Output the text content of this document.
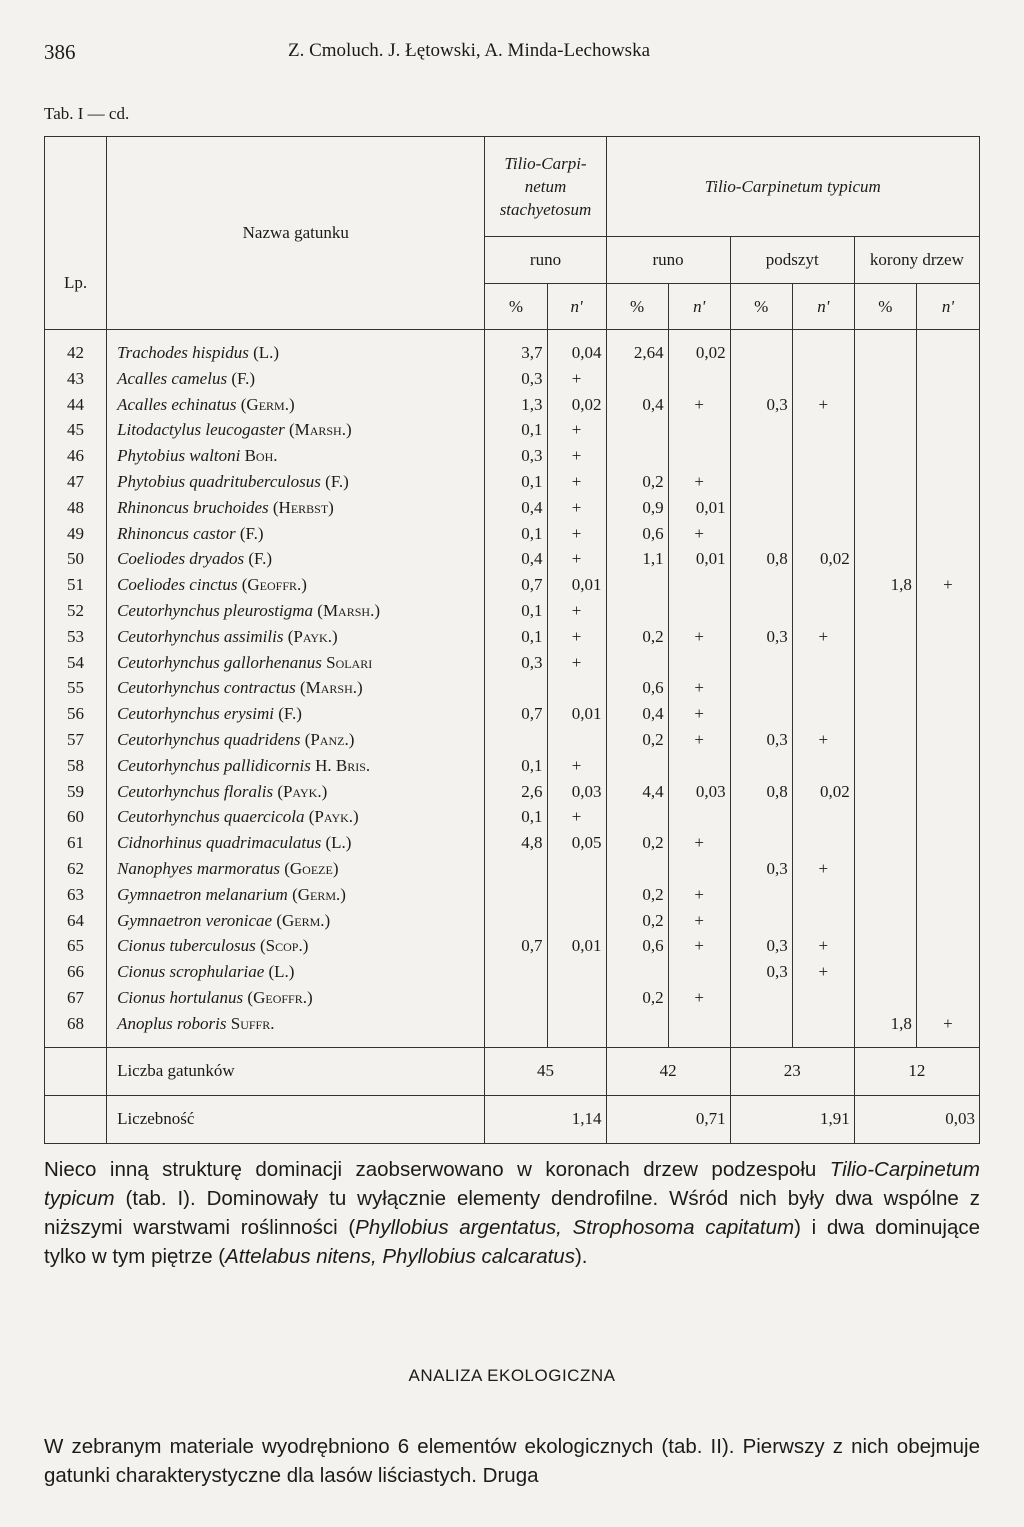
386	Z. Cmoluch. J. Łętowski, A. Minda-Lechowska
Tab. I — cd.
Lp.	Nazwa gatunku	Tilio-Carpi-
netum
stachyetosum		Tilio-Carpinetum typicum					
		runo		runo		podszyt		korony drzew	
		%	n'	%	n'	%	n'	%	n'
42	Trachodes hispidus (L.)	3,7	0,04	2,64	0,02				
43	Acalles camelus (F.)	0,3	+						
44	Acalles echinatus (Germ.)	1,3	0,02	0,4	+	0,3	+		
45	Litodactylus leucogaster (Marsh.)	0,1	+						
46	Phytobius waltoni Boh.	0,3	+						
47	Phytobius quadrituberculosus (F.)	0,1	+	0,2	+				
48	Rhinoncus bruchoides (Herbst)	0,4	+	0,9	0,01				
49	Rhinoncus castor (F.)	0,1	+	0,6	+				
50	Coeliodes dryados (F.)	0,4	+	1,1	0,01	0,8	0,02		
51	Coeliodes cinctus (Geoffr.)	0,7	0,01					1,8	+
52	Ceutorhynchus pleurostigma (Marsh.)	0,1	+						
53	Ceutorhynchus assimilis (Payk.)	0,1	+	0,2	+	0,3	+		
54	Ceutorhynchus gallorhenanus Solari	0,3	+						
55	Ceutorhynchus contractus (Marsh.)			0,6	+				
56	Ceutorhynchus erysimi (F.)	0,7	0,01	0,4	+				
57	Ceutorhynchus quadridens (Panz.)			0,2	+	0,3	+		
58	Ceutorhynchus pallidicornis H. Bris.	0,1	+						
59	Ceutorhynchus floralis (Payk.)	2,6	0,03	4,4	0,03	0,8	0,02		
60	Ceutorhynchus quaercicola (Payk.)	0,1	+						
61	Cidnorhinus quadrimaculatus (L.)	4,8	0,05	0,2	+				
62	Nanophyes marmoratus (Goeze)					0,3	+		
63	Gymnaetron melanarium (Germ.)			0,2	+				
64	Gymnaetron veronicae (Germ.)			0,2	+				
65	Cionus tuberculosus (Scop.)	0,7	0,01	0,6	+	0,3	+		
66	Cionus scrophulariae (L.)					0,3	+		
67	Cionus hortulanus (Geoffr.)			0,2	+				
68	Anoplus roboris Suffr.							1,8	+
	Liczba gatunków	45		42		23		12	
	Liczebność	1,14		0,71		1,91		0,03	
Nieco inną strukturę dominacji zaobserwowano w koronach drzew podzespołu Tilio-Carpinetum typicum (tab. I). Dominowały tu wyłącznie elementy dendrofilne. Wśród nich były dwa wspólne z niższymi warstwami roślinności (Phyllobius argentatus, Strophosoma capitatum) i dwa dominujące tylko w tym piętrze (Attelabus nitens, Phyllobius calcaratus).
ANALIZA EKOLOGICZNA
W zebranym materiale wyodrębniono 6 elementów ekologicznych (tab. II). Pierwszy z nich obejmuje gatunki charakterystyczne dla lasów liściastych. Druga
